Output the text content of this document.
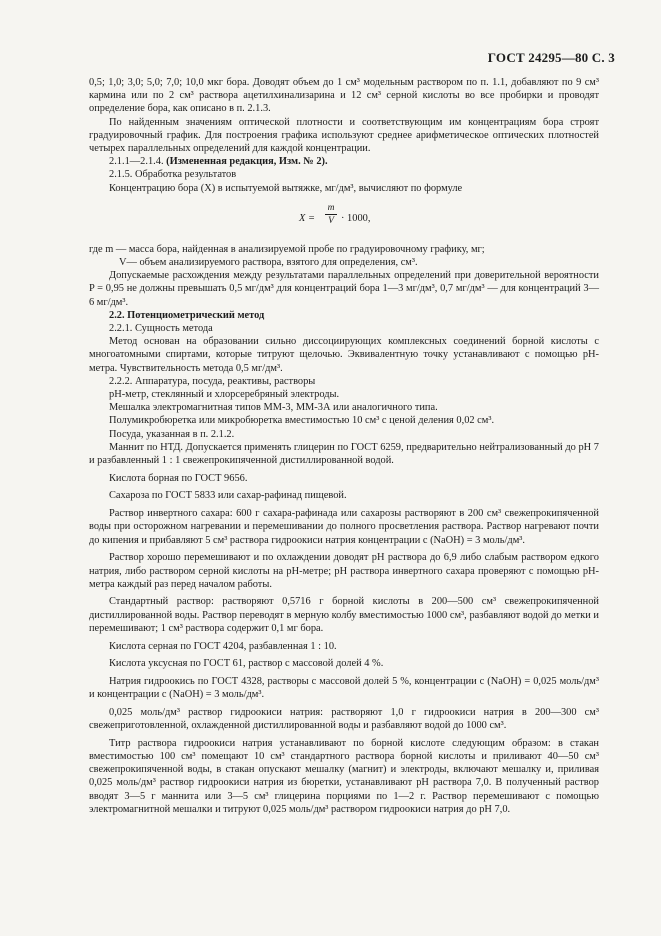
ГОСТ 24295—80 С. 3

0,5; 1,0; 3,0; 5,0; 7,0; 10,0 мкг бора. Доводят объем до 1 см³ модельным раствором по п. 1.1, добавляют по 9 см³ кармина или по 2 см³ раствора ацетилхинализарина и 12 см³ серной кислоты во все пробирки и проводят определение бора, как описано в п. 2.1.3.

По найденным значениям оптической плотности и соответствующим им концентрациям бора строят градуировочный график. Для построения графика используют среднее арифметическое оптических плотностей четырех параллельных определений для каждой концентрации.

2.1.1—2.1.4. (Измененная редакция, Изм. № 2).

2.1.5. Обработка результатов

Концентрацию бора (X) в испытуемой вытяжке, мг/дм³, вычисляют по формуле

$X = \frac{m}{V} \cdot 1000$,

где m — масса бора, найденная в анализируемой пробе по градуировочному графику, мг;

V— объем анализируемого раствора, взятого для определения, см³.

Допускаемые расхождения между результатами параллельных определений при доверительной вероятности P = 0,95 не должны превышать 0,5 мг/дм³ для концентраций бора 1—3 мг/дм³, 0,7 мг/дм³ — для концентраций 3—6 мг/дм³.

2.2. Потенциометрический метод

2.2.1. Сущность метода

Метод основан на образовании сильно диссоциирующих комплексных соединений борной кислоты с многоатомными спиртами, которые титруют щелочью. Эквивалентную точку устанавливают с помощью pH-метра. Чувствительность метода 0,5 мг/дм³.

2.2.2. Аппаратура, посуда, реактивы, растворы

pH-метр, стеклянный и хлорсеребряный электроды.

Мешалка электромагнитная типов ММ-3, ММ-3А или аналогичного типа.

Полумикробюретка или микробюретка вместимостью 10 см³ с ценой деления 0,02 см³.

Посуда, указанная в п. 2.1.2.

Маннит по НТД. Допускается применять глицерин по ГОСТ 6259, предварительно нейтрализованный до pH 7 и разбавленный 1 : 1 свежепрокипяченной дистиллированной водой.

Кислота борная по ГОСТ 9656.

Сахароза по ГОСТ 5833 или сахар-рафинад пищевой.

Раствор инвертного сахара: 600 г сахара-рафинада или сахарозы растворяют в 200 см³ свежепрокипяченной воды при осторожном нагревании и перемешивании до полного просветления раствора. Раствор нагревают почти до кипения и прибавляют 5 см³ раствора гидроокиси натрия концентрации c (NaOH) = 3 моль/дм³.

Раствор хорошо перемешивают и по охлаждении доводят pH раствора до 6,9 либо слабым раствором едкого натрия, либо раствором серной кислоты на pH-метре; pH раствора инвертного сахара проверяют с помощью pH-метра каждый раз перед началом работы.

Стандартный раствор: растворяют 0,5716 г борной кислоты в 200—500 см³ свежепрокипяченной дистиллированной воды. Раствор переводят в мерную колбу вместимостью 1000 см³, разбавляют водой до метки и перемешивают; 1 см³ раствора содержит 0,1 мг бора.

Кислота серная по ГОСТ 4204, разбавленная 1 : 10.

Кислота уксусная по ГОСТ 61, раствор с массовой долей 4 %.

Натрия гидроокись по ГОСТ 4328, растворы с массовой долей 5 %, концентрации c (NaOH) = 0,025 моль/дм³ и концентрации c (NaOH) = 3 моль/дм³.

0,025 моль/дм³ раствор гидроокиси натрия: растворяют 1,0 г гидроокиси натрия в 200—300 см³ свежеприготовленной, охлажденной дистиллированной воды и разбавляют водой до 1000 см³.

Титр раствора гидроокиси натрия устанавливают по борной кислоте следующим образом: в стакан вместимостью 100 см³ помещают 10 см³ стандартного раствора борной кислоты и приливают 40—50 см³ свежепрокипяченной воды, в стакан опускают мешалку (магнит) и электроды, включают мешалку и, приливая 0,025 моль/дм³ раствор гидроокиси натрия из бюретки, устанавливают pH раствора 7,0. В полученный раствор вводят 3—5 г маннита или 3—5 см³ глицерина порциями по 1—2 г. Раствор перемешивают с помощью электромагнитной мешалки и титруют 0,025 моль/дм³ раствором гидроокиси натрия до pH 7,0.
